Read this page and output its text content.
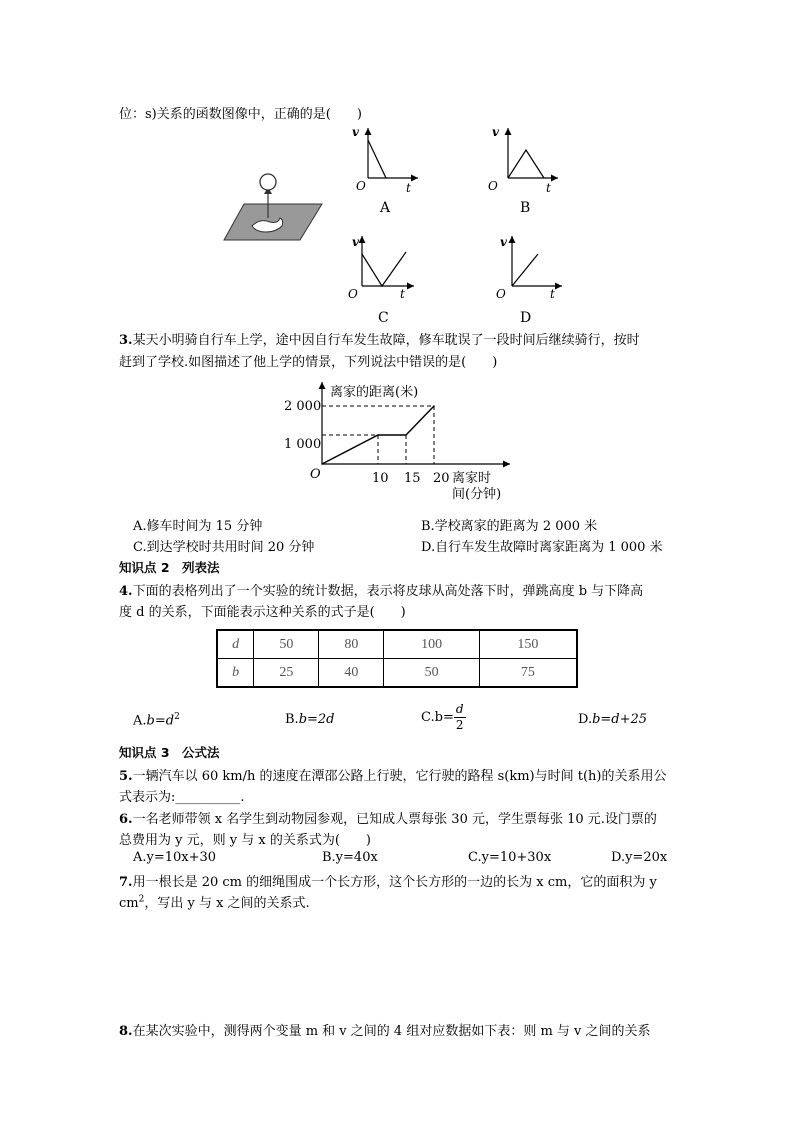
位：s)关系的函数图像中，正确的是(　　)
v
t
O
A
v
t
O
B
v
t
O
C
v
t
O
D
3.某天小明骑自行车上学，途中因自行车发生故障，修车耽误了一段时间后继续骑行，按时
赶到了学校.如图描述了他上学的情景，下列说法中错误的是(　　)
离家的距离(米)
2 000
1 000
O	10 15 20 离家时
间(分钟)
A.修车时间为 15 分钟	B.学校离家的距离为 2 000 米
C.到达学校时共用时间 20 分钟	D.自行车发生故障时离家距离为 1 000 米
知识点 2　列表法
4.下面的表格列出了一个实验的统计数据，表示将皮球从高处落下时，弹跳高度 b 与下降高
度 d 的关系，下面能表示这种关系的式子是(　　)
d	50	80	100	150
b	25	40	50	75
$A.b=d^2$	B.b=2d	$C.b= \frac{d}{2}$	D.b=d+25
知识点 3　公式法
5.一辆汽车以 60 km/h 的速度在潭邵公路上行驶，它行驶的路程 s(km)与时间 t(h)的关系用公
式表示为:__________.
6.一名老师带领 x 名学生到动物园参观，已知成人票每张 30 元，学生票每张 10 元.设门票的
总费用为 y 元，则 y 与 x 的关系式为(　　)
A.y=10x+30	B.y=40x	C.y=10+30x	D.y=20x
7.用一根长是 20 cm 的细绳围成一个长方形，这个长方形的一边的长为 x cm，它的面积为 y
$cm^2$，写出 y 与 x 之间的关系式.
8.在某次实验中，测得两个变量 m 和 v 之间的 4 组对应数据如下表：则 m 与 v 之间的关系
